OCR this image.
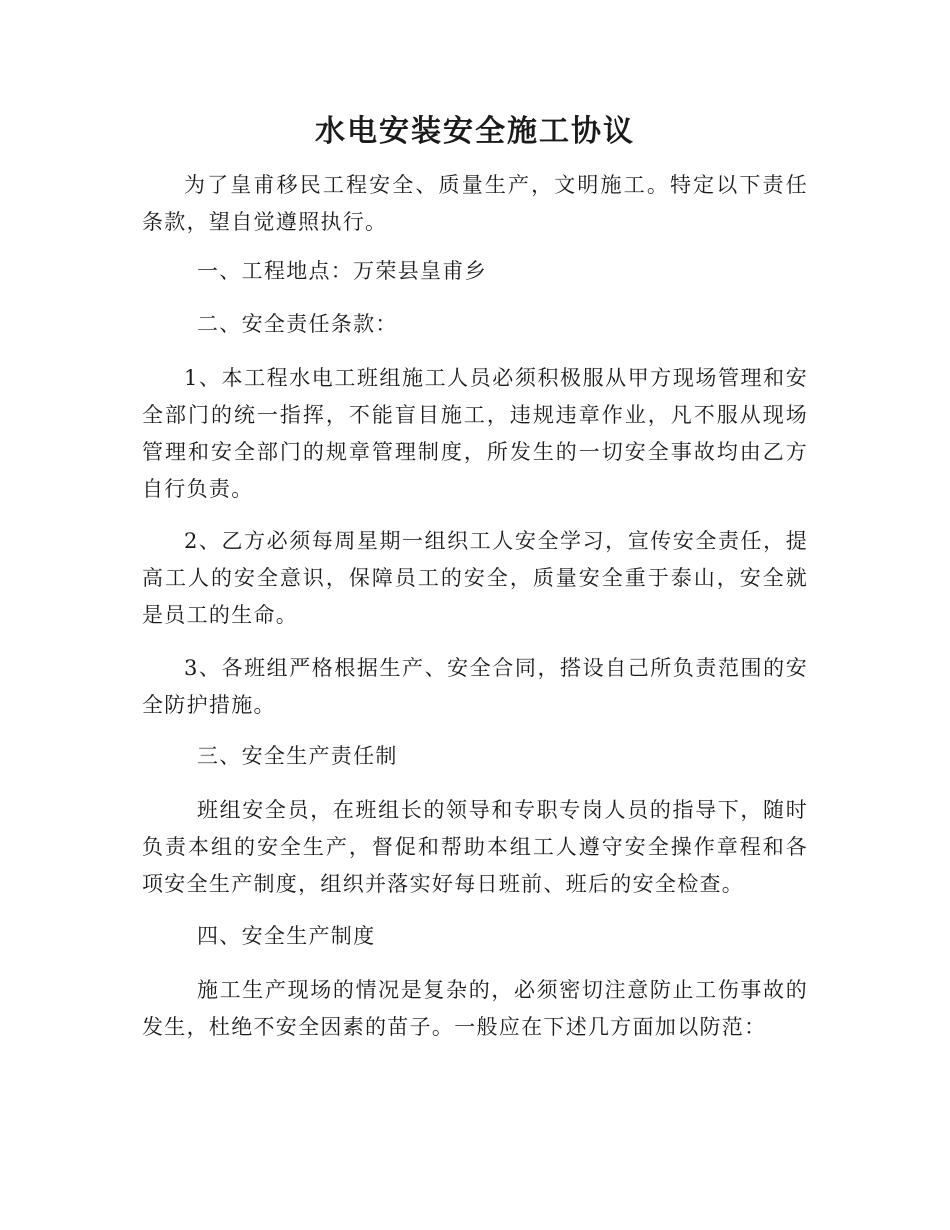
水电安装安全施工协议

为了皇甫移民工程安全、质量生产，文明施工。特定以下责任条款，望自觉遵照执行。

一、工程地点：万荣县皇甫乡

二、安全责任条款：

1、本工程水电工班组施工人员必须积极服从甲方现场管理和安全部门的统一指挥，不能盲目施工，违规违章作业，凡不服从现场管理和安全部门的规章管理制度，所发生的一切安全事故均由乙方自行负责。

2、乙方必须每周星期一组织工人安全学习，宣传安全责任，提高工人的安全意识，保障员工的安全，质量安全重于泰山，安全就是员工的生命。

3、各班组严格根据生产、安全合同，搭设自己所负责范围的安全防护措施。

三、安全生产责任制

班组安全员，在班组长的领导和专职专岗人员的指导下，随时负责本组的安全生产，督促和帮助本组工人遵守安全操作章程和各项安全生产制度，组织并落实好每日班前、班后的安全检查。

四、安全生产制度

施工生产现场的情况是复杂的，必须密切注意防止工伤事故的发生，杜绝不安全因素的苗子。一般应在下述几方面加以防范：
